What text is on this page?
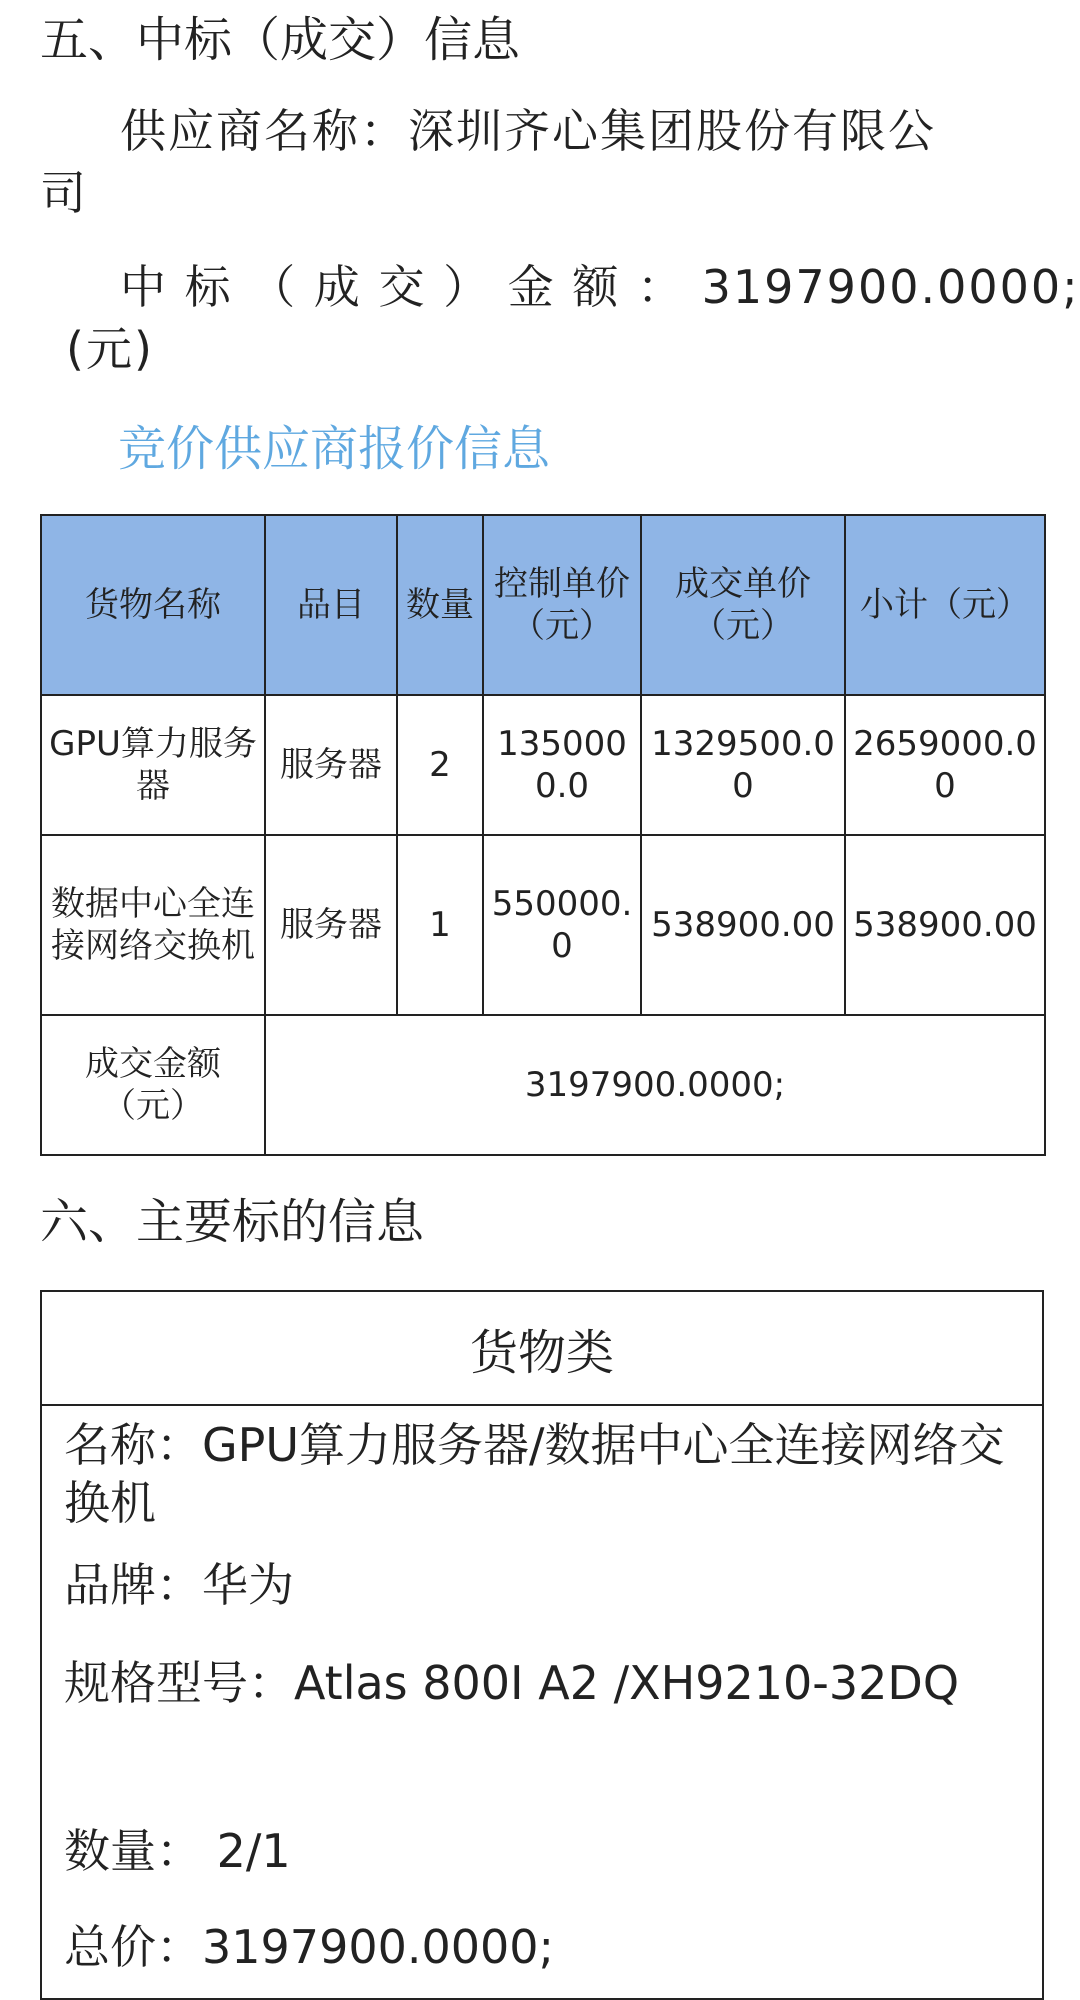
五、中标（成交）信息
供应商名称：深圳齐心集团股份有限公
司
中 标 （ 成 交 ） 金 额 ： 3197900.0000;
(元)
竞价供应商报价信息
货物名称	品目	数量	控制单价（元）	成交单价（元）	小计（元）
GPU算力服务器	服务器	2	1350000.0	1329500.00	2659000.00
数据中心全连接网络交换机	服务器	1	550000.0	538900.00	538900.00
成交金额（元）	3197900.0000;				
六、主要标的信息
货物类
名称：GPU算力服务器/数据中心全连接网络交换机
品牌：华为
规格型号：Atlas 800I A2 /XH9210-32DQ
数量： 2/1
总价：3197900.0000;
